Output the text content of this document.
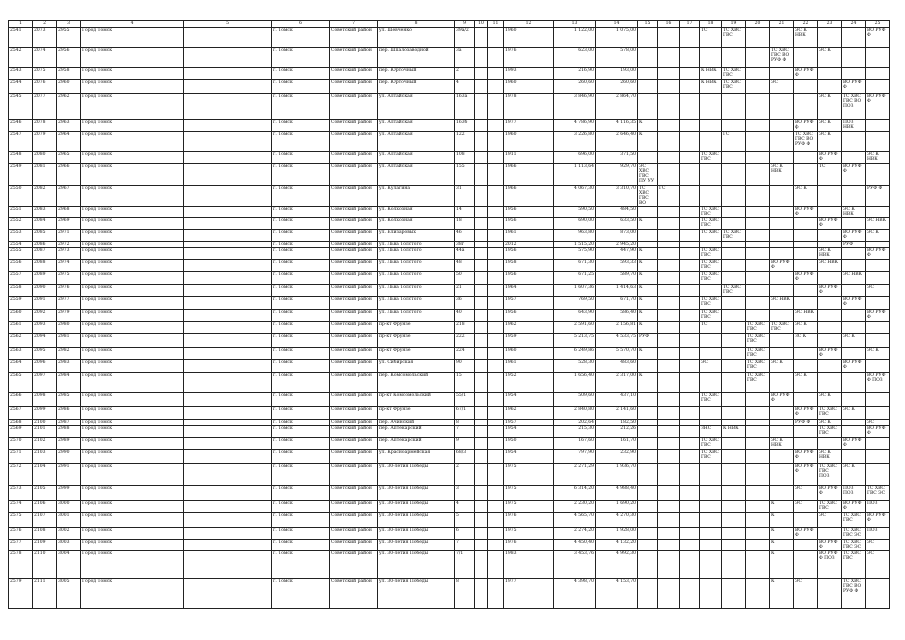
1	2	3	4	5	6	7	8	9	10	11	12	13	14	15	16	17	18	19	20	21	22	23	24	25
2541	2073	2955	Город Томск		г. Томск	Советский район	ул. Шевченко	39а/2			1960	1 122,00	1 075,00				ТС	ТС ХВС ГВС			ЭС К НВК			ВО РУФ Ф
2542	2074	2956	Город Томск		г. Томск	Советский район	пер. Шпалозаводной	3а			1976	623,00	578,00							ТС ХВС ГВС ВО РУФ Ф		ЭС К		
2543	2075	2958	Город Томск		г. Томск	Советский район	пер. Юрточный	2			1993	216,90	193,00				К НВК	ТС ХВС ГВС			ВО РУФ Ф			
2544	2076	2960	Город Томск		г. Томск	Советский район	пер. Юрточный	4			1960	260,60	260,60				К НВК	ТС ХВС ГВС		ЭС			ВО РУФ Ф	
2545	2077	2962	Город Томск		г. Томск	Советский район	ул. Алтайская	163а			1978	3 846,90	2 864,70									ЭС К	ТС ХВС ГВС ВО ПОЗ	ВО РУФ Ф
2546	2078	2963	Город Томск		г. Томск	Советский район	ул. Алтайская	163б			1977	4 786,90	4 116,35	К							ВО РУФ ф	ЭС К	ПОЗ НВК	
2547	2079	2964	Город Томск		г. Томск	Советский район	ул. Алтайская	122			1960	3 226,80	2 646,40	К				ГС			ТС ХВС ГВС ВО РУФ Ф	ЭС К		
2548	2080	2965	Город Томск		г. Томск	Советский район	ул. Алтайская	108			1911	696,00	371,50				ТС ХВС ГВС					ВО РУФ Ф		ЭС К НВК
2549	2081	2966	Город Томск		г. Томск	Советский район	ул. Алтайская	155			1966	1 113,64	929,70	ЭС ХВС ГВС ПУ УУ						ЭС К НВК		ТС	ВО РУФ Ф	
2550	2082	2967	Город Томск		г. Томск	Советский район	ул. Кулагина	31			1966	4 067,30	3 310,70	ТС ХВС ГВС ВО	ГС						ЭС К			РУФ Ф
2551	2083	2968	Город Томск		г. Томск	Советский район	ул. Колхозная	14			1956	590,50	484,50				ТС ХВС ГВС				ВО РУФ Ф		ЭС К НВК	
2552	2084	2969	Город Томск		г. Томск	Советский район	ул. Колхозная	18			1956	690,00	633,50	К			ТС ХВС ГВС					ВО РУФ Ф		ЭС НВК
2553	2085	2971	Город Томск		г. Томск	Советский район	ул. Елизаровых	46			1961	963,80	873,00				ТС ХВС	ТС ХВС ГВС					ВО РУФ Ф	ЭС К
2554	2086	2972	Город Томск		г. Томск	Советский район	ул. Льва Толстого	38г			2012	1 515,20	2 945,20										РУФ	
2555	2087	2973	Город Томск		г. Томск	Советский район	ул. Льва Толстого	44а			1956	575,90	447,90	К			ТС ХВС ГВС					ЭС К НВК		ВО РУФ Ф
2556	2088	2974	Город Томск		г. Томск	Советский район	ул. Льва Толстого	48			1958	671,30	593,33	К			ТС ХВС ГВС			ВО РУФ Ф		ЭС НВК		
2557	2089	2975	Город Томск		г. Томск	Советский район	ул. Льва Толстого	50			1956	671,25	589,70	К			ТС ХВС ГВС				ВО РУФ Ф		ЭС НВК	
2558	2090	2976	Город Томск		г. Томск	Советский район	ул. Льва Толстого	21			1964	1 607,36	1 414,63	К				ТС ХВС ГВС				ВО РУФ Ф		ЭС
2559	2091	2977	Город Томск		г. Томск	Советский район	ул. Льва Толстого	36			1957	769,50	671,70	К			ТС ХВС ГВС			ЭС НВК			ВО РУФ Ф	
2560	2092	2979	Город Томск		г. Томск	Советский район	ул. Льва Толстого	40			1956	643,90	586,40	К			ТС ХВС ГВС				ЭС НВК			ВО РУФ Ф
2561	2093	2980	Город Томск		г. Томск	Советский район	пр-кт Фрунзе	218			1962	2 591,60	2 156,81	К			ТС		ТС ХВС ГВС	ТС ХВС ГВС	ЭС К			
2562	2094	2981	Город Томск		г. Томск	Советский район	пр-кт Фрунзе	222			1959	5 213,75	4 533,75	РУФ					ТС ХВС ГВС		ЗС К		ЭС К	
2563	2095	2982	Город Томск		г. Томск	Советский район	пр-кт Фрунзе	224			1960	6 249,86	5 570,70	К					ТС ХВС ГВС			ВО РУФ Ф		ЭС К
2564	2096	2983	Город Томск		г. Томск	Советский район	ул. Сибирская	90			1961	528,30	483,60				ЭС		ТС ХВС ГВС	ЭС К			ВО РУФ Ф	
2565	2097	2984	Город Томск		г. Томск	Советский район	пер. Комсомольский	15			1952	1 656,40	2 317,00	К					ТС ХВС ГВС		ЭС К			ВО РУФ Ф ПОЗ
2566	2098	2985	Город Томск		г. Томск	Советский район	пр-кт Комсомольский	55/1			1954	509,60	437,10				ТС ХВС ГВС			ВО РУФ Ф		ЭС К		
2567	2099	2986	Город Томск		г. Томск	Советский район	пр-кт Фрунзе	67/1			1962	2 840,80	2 141,60								ВО РУФ Ф	ТС ХВС ГВС	ЭС К	
2568	2100	2987	Город Томск		г. Томск	Советский район	пер. Ачинский	8			1957	202,64	182,50								РУФ Ф	ЭС К		ЭС
2569	2101	2988	Город Томск		г. Томск	Советский район	пер. Аптекарский	7			1954	215,30	212,26				ЗНС	К НВК				ТС ХВС ГВС		ВО РУФ Ф
2570	2102	2989	Город Томск		г. Томск	Советский район	пер. Аптекарский	9			1950	167,60	161,70				ТС ХВС ГВС			ЭС К НВК			ВО РУФ Ф	
2571	2103	2990	Город Томск		г. Томск	Советский район	ул. Красноармейская	68/3			1954	797,90	232,90				ТС ХВС ГВС				ВО РУФ Ф	ЭС К НВК		
2572	2104	2991	Город Томск		г. Томск	Советский район	ул. 30-летия Победы	2			1975	2 271,29	1 936,70								ВО РУФ Ф	ТС ХВС ГВС ПОЗ	ЭС К	
2573	2105	2999	Город Томск		г. Томск	Советский район	ул. 30-летия Победы	3			1975	6 314,20	4 988,40								ЭС	ВО РУФ Ф	ПОЗ ПОЗ	ТС ХВС ГВС ЭС
2574	2106	3000	Город Томск		г. Томск	Советский район	ул. 30-летия Победы	4			1975	2 230,20	1 690,20							К	ЭС	ТС ХВС ГВС	ВО РУФ Ф	ПОЗ
2575	2107	3001	Город Томск		г. Томск	Советский район	ул. 30-летия Победы	5			1976	4 565,70	4 270,30							К		ЭС	ТС ХВС ГВС	ВО РУФ Ф
2576	2108	3002	Город Томск		г. Томск	Советский район	ул. 30-летия Победы	6			1975	2 274,20	1 928,00							К	ВО РУФ Ф		ТС ХВС ГВС ЭС	ПОЗ
2577	2109	3003	Город Томск		г. Томск	Советский район	ул. 30-летия Победы	7			1976	4 450,40	4 132,20							К		ВО РУФ Ф	ТС ХВС ГВС ЭС	ЭС
2578	2110	3004	Город Томск		г. Томск	Советский район	ул. 30-летия Победы	7/1			1983	3 453,76	4 992,30							К		ВО РУФ Ф ПОЗ	ТС ХВС ГВС	ЭС
2579	2111	3005	Город Томск		г. Томск	Советский район	ул. 30-летия Победы	8			1977	4 398,70	4 153,70							К	ЭС		ТС ХВС ГВС ВО РУФ Ф	
